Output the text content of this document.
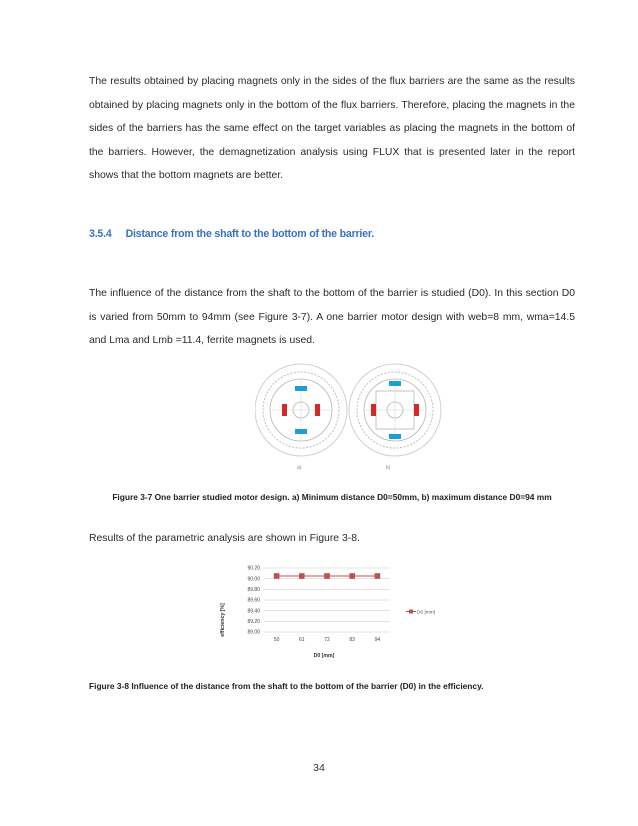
The results obtained by placing magnets only in the sides of the flux barriers are the same as the results obtained by placing magnets only in the bottom of the flux barriers. Therefore, placing the magnets in the sides of the barriers has the same effect on the target variables as placing the magnets in the bottom of the barriers. However, the demagnetization analysis using FLUX that is presented later in the report shows that the bottom magnets are better.
3.5.4 Distance from the shaft to the bottom of the barrier.
The influence of the distance from the shaft to the bottom of the barrier is studied (D0). In this section D0 is varied from 50mm to 94mm (see Figure 3-7). A one barrier motor design with web=8 mm, wma=14.5 and Lma and Lmb =11.4, ferrite magnets is used.
a)	b)
Figure 3-7 One barrier studied motor design. a) Minimum distance D0=50mm, b) maximum distance D0=94 mm
Results of the parametric analysis are shown in Figure 3-8.
90.20
90.00
89.80
89.60
89.40
89.20
89.00
50	61	72	83	94
efficiency [%]
D0 [mm]
D0 [mm]
Figure 3-8 Influence of the distance from the shaft to the bottom of the barrier (D0) in the efficiency.
34
